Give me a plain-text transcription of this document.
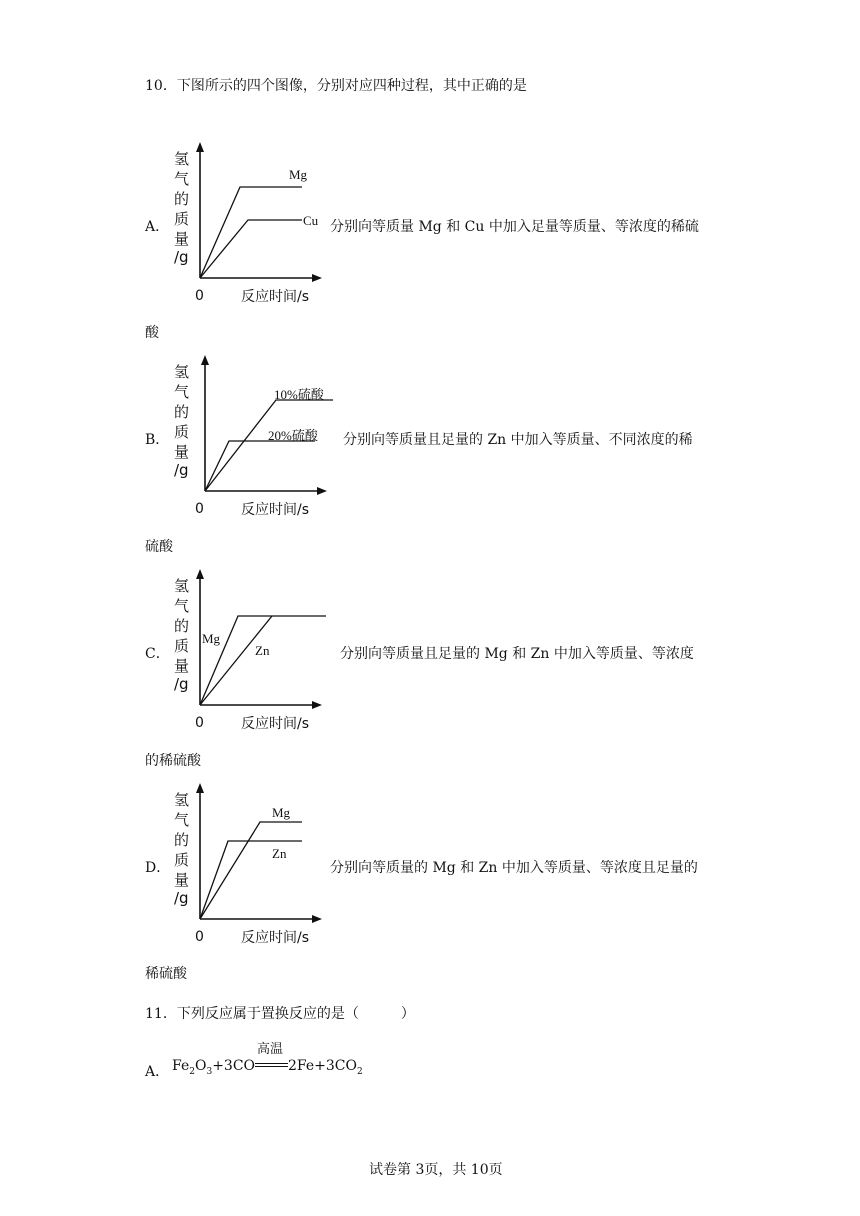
10．下图所示的四个图像，分别对应四种过程，其中正确的是
A．
氢
气
的
质
量
/g
0	反应时间/s
Mg
Cu 分别向等质量 Mg 和 Cu 中加入足量等质量、等浓度的稀硫
酸
B．
氢
气
的
质
量
/g
0	反应时间/s
10%硫酸
20%硫酸 分别向等质量且足量的 Zn 中加入等质量、不同浓度的稀
硫酸
C．
氢
气
的
质
量
/g
0	反应时间/s
Mg
Zn	分别向等质量且足量的 Mg 和 Zn 中加入等质量、等浓度
的稀硫酸
D．
氢
气
的
质
量
/g
0	反应时间/s
Mg
Zn
分别向等质量的 Mg 和 Zn 中加入等质量、等浓度且足量的
稀硫酸
11．下列反应属于置换反应的是（　　　）
A． $Fe_2O_3+3CO$
高温
$2Fe+3CO_2$
试卷第 3页，共 10页
